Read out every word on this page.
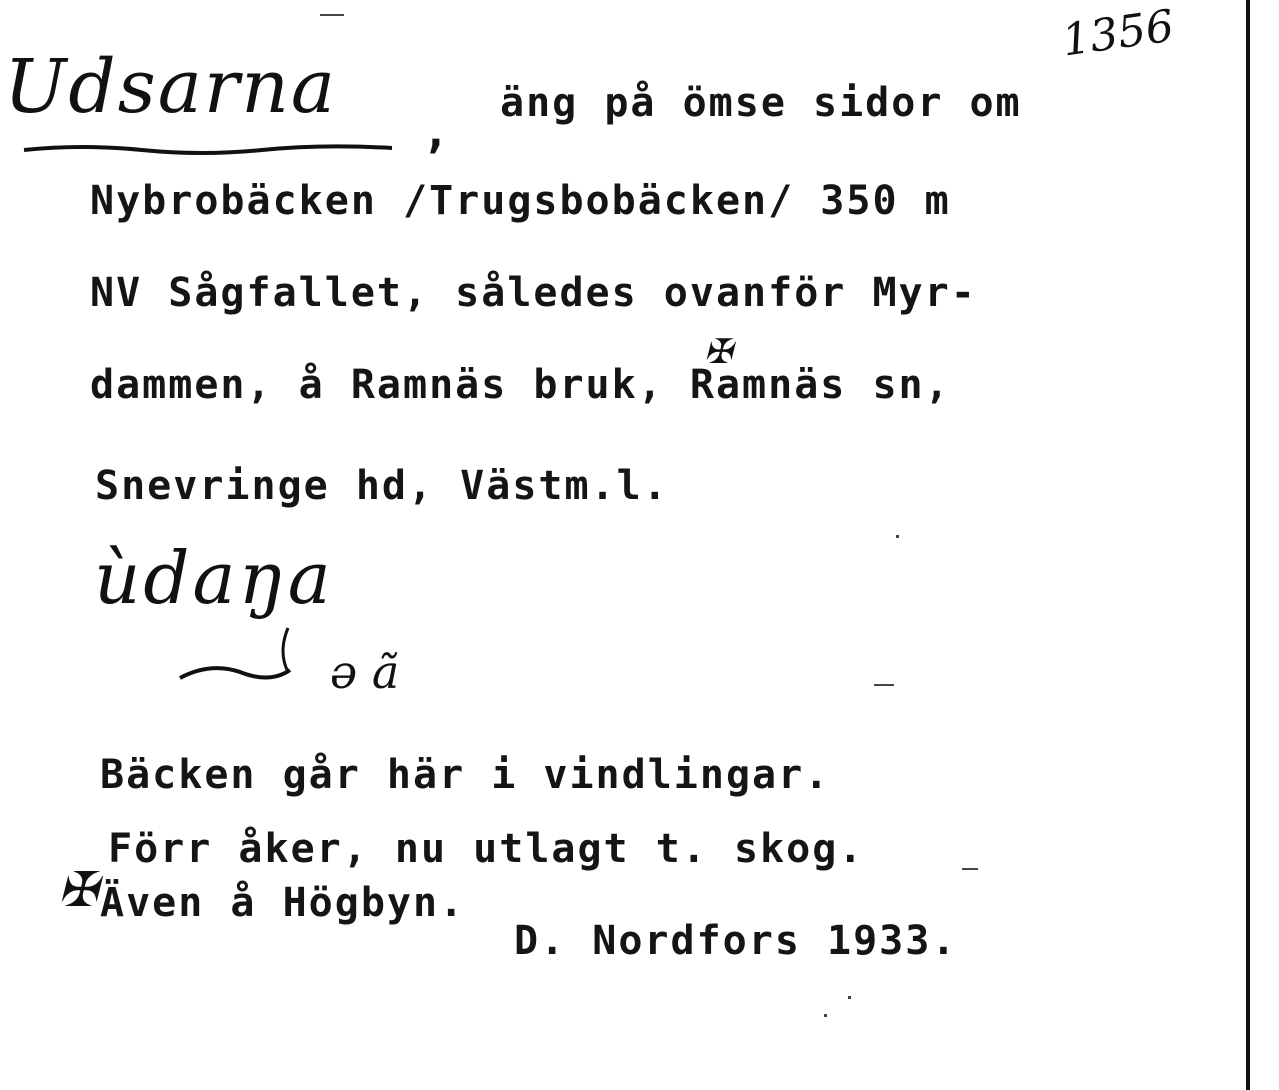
1356
Udsarna
,
äng på ömse sidor om
Nybrobäcken /Trugsbobäcken/ 350 m
NV Sågfallet, således ovanför Myr-
dammen, å Ramnäs bruk, Ramnäs sn,
✠
Snevringe hd, Västm.l.
ùdaŋa
ə ã
Bäcken går här i vindlingar.
Förr åker, nu utlagt t. skog.
✠ Även å Högbyn.
D. Nordfors 1933.
